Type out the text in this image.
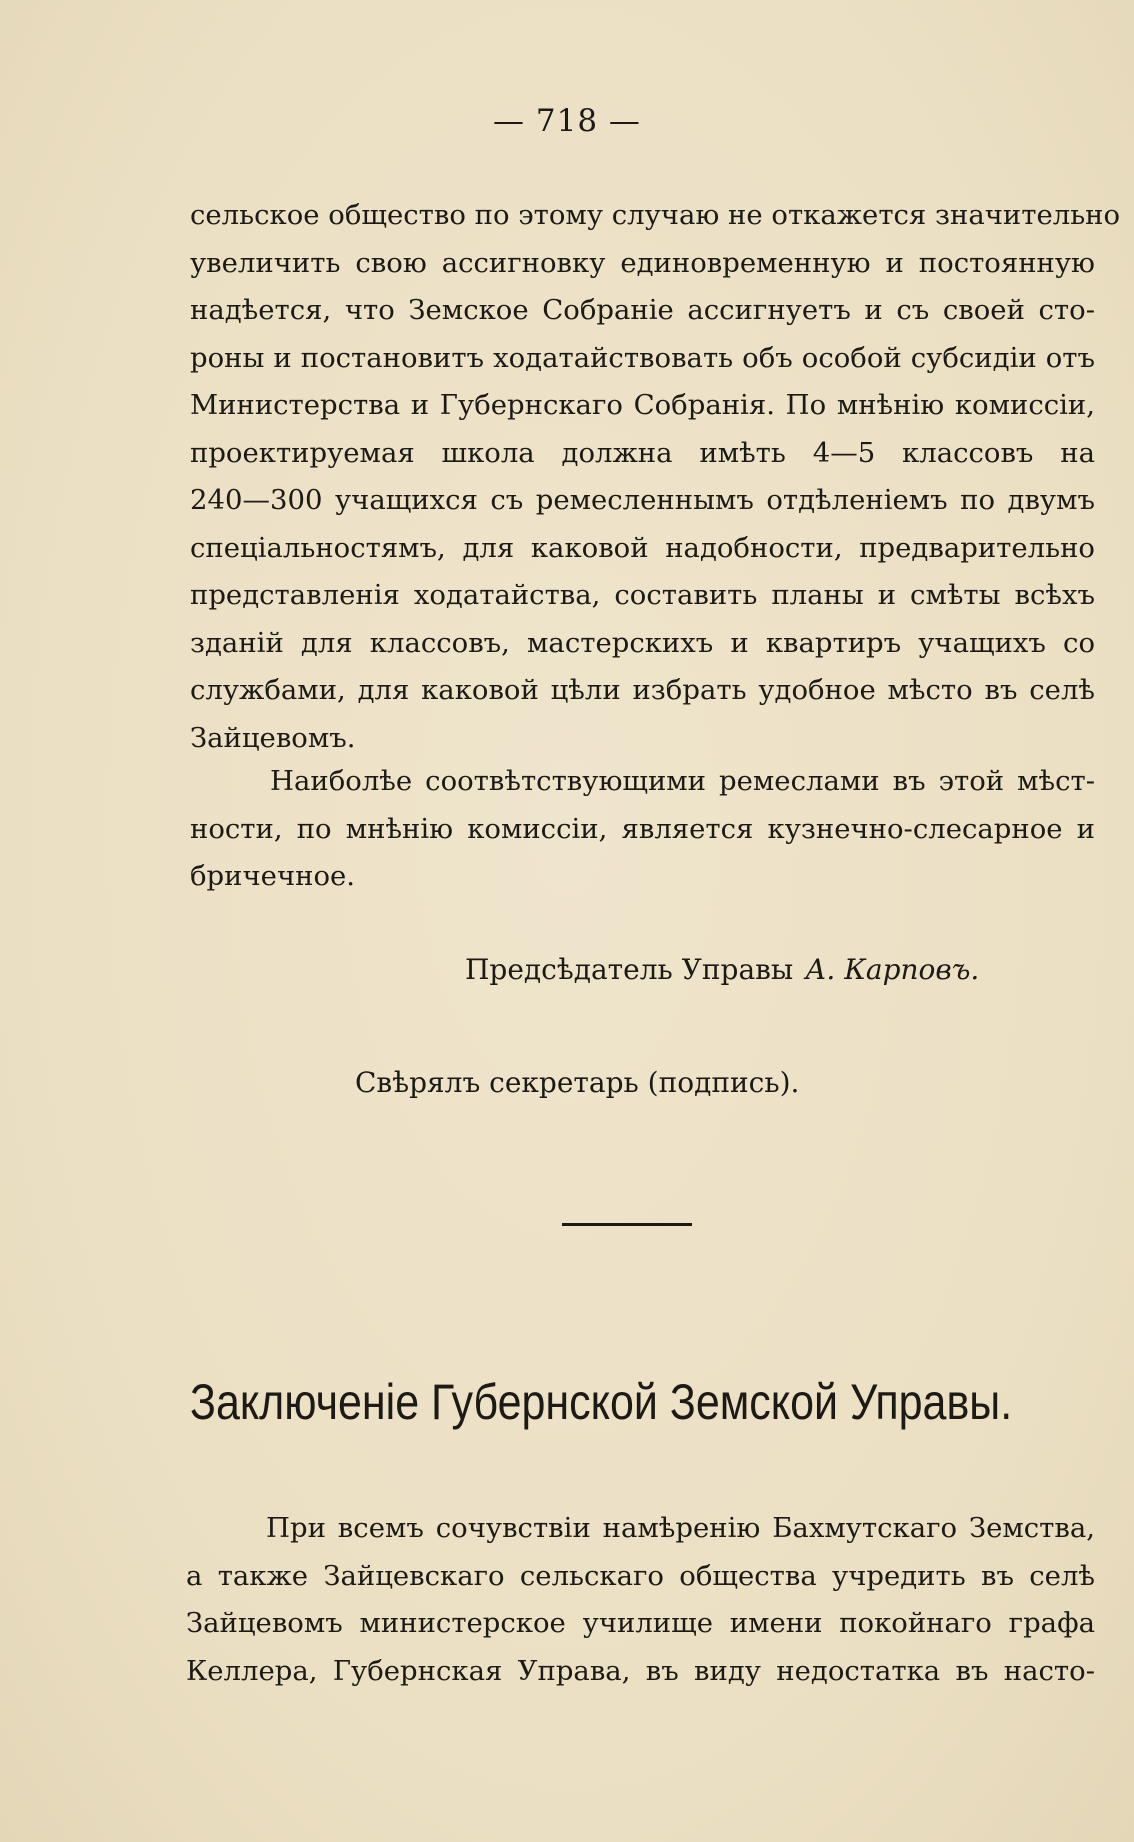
— 718 —

сельское общество по этому случаю не откажется значительно
увеличить свою ассигновку единовременную и постоянную
надѣется, что Земское Собраніе ассигнуетъ и съ своей сто-
роны и постановитъ ходатайствовать объ особой субсидіи отъ
Министерства и Губернскаго Собранія. По мнѣнію комиссіи,
проектируемая школа должна имѣть 4—5 классовъ на
240—300 учащихся съ ремесленнымъ отдѣленіемъ по двумъ
спеціальностямъ, для каковой надобности, предварительно
представленія ходатайства, составить планы и смѣты всѣхъ
зданій для классовъ, мастерскихъ и квартиръ учащихъ со
службами, для каковой цѣли избрать удобное мѣсто въ селѣ
Зайцевомъ.

Наиболѣе соотвѣтствующими ремеслами въ этой мѣст-
ности, по мнѣнію комиссіи, является кузнечно-слесарное и
бричечное.

Предсѣдатель Управы А. Карповъ.
Свѣрялъ секретарь (подпись).
Заключеніе Губернской Земской Управы.

При всемъ сочувствіи намѣренію Бахмутскаго Земства,
а также Зайцевскаго сельскаго общества учредить въ селѣ
Зайцевомъ министерское училище имени покойнаго графа
Келлера, Губернская Управа, въ виду недостатка въ насто-
